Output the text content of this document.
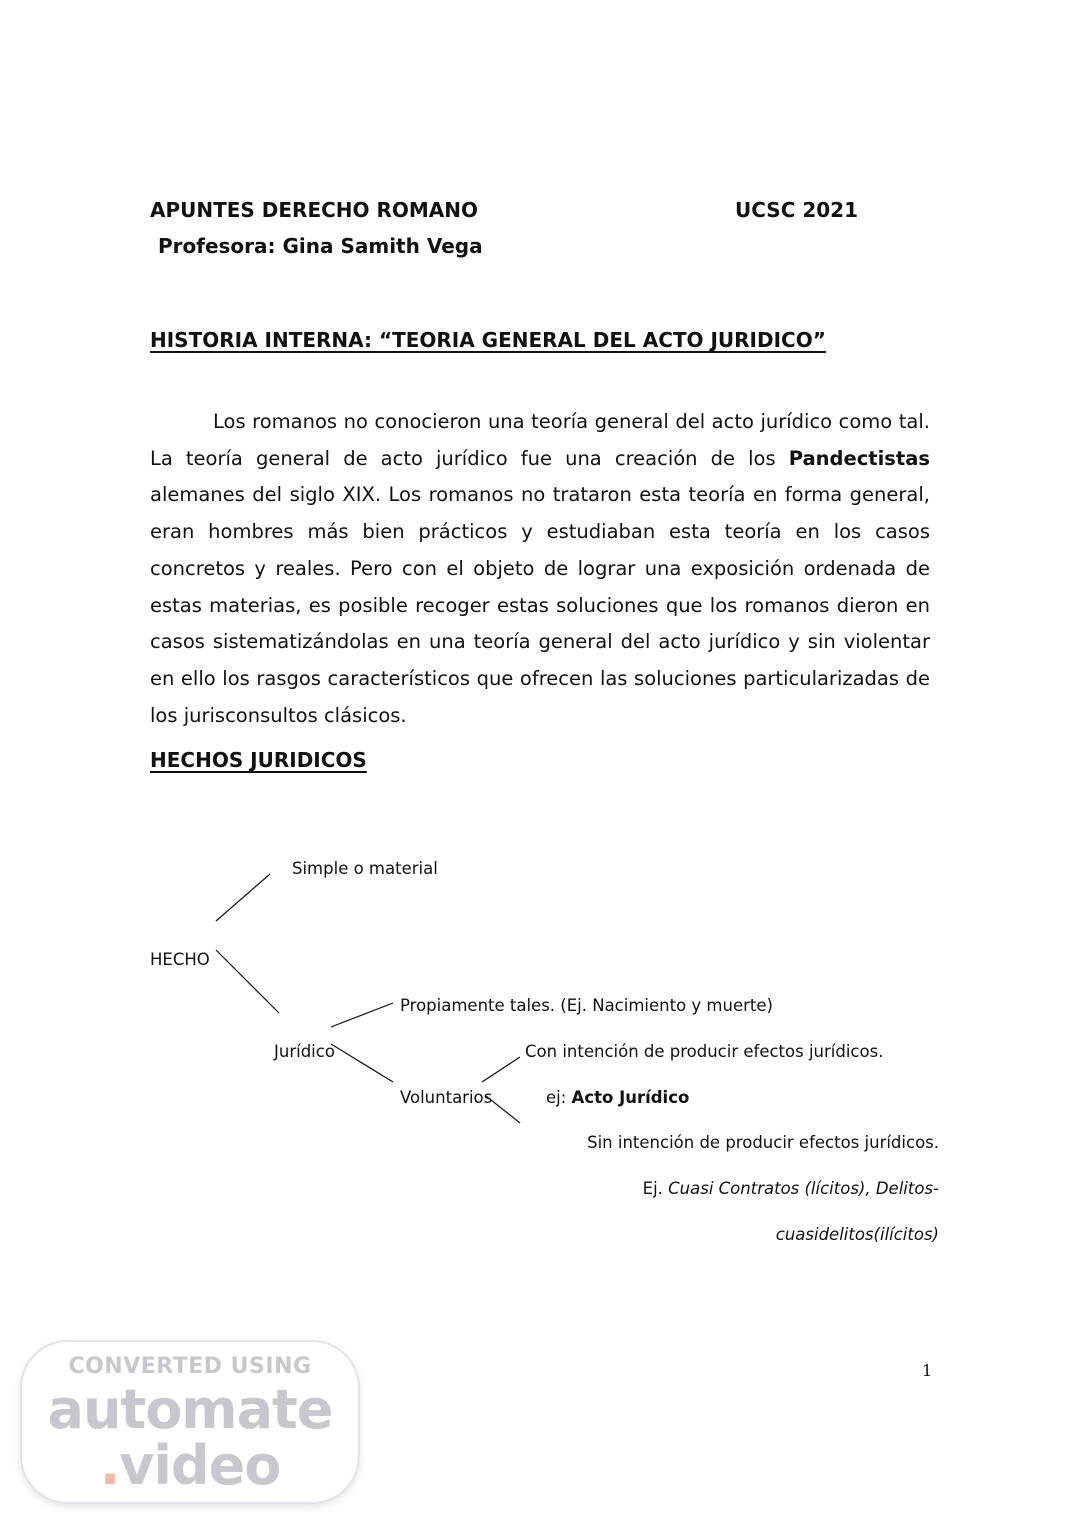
APUNTES DERECHO ROMANO	UCSC 2021
Profesora: Gina Samith Vega
HISTORIA INTERNA: “TEORIA GENERAL DEL ACTO JURIDICO”

Los romanos no conocieron una teoría general del acto jurídico como tal. La teoría general de acto jurídico fue una creación de los Pandectistas alemanes del siglo XIX. Los romanos no trataron esta teoría en forma general, eran hombres más bien prácticos y estudiaban esta teoría en los casos concretos y reales. Pero con el objeto de lograr una exposición ordenada de estas materias, es posible recoger estas soluciones que los romanos dieron en casos sistematizándolas en una teoría general del acto jurídico y sin violentar en ello los rasgos característicos que ofrecen las soluciones particularizadas de los jurisconsultos clásicos.

HECHOS JURIDICOS
Simple o material
HECHO
Propiamente tales. (Ej. Nacimiento y muerte)
Jurídico	Con intención de producir efectos jurídicos.
Voluntarios	ej: Acto Jurídico
Sin intención de producir efectos jurídicos.
Ej. Cuasi Contratos (lícitos), Delitos-
cuasidelitos(ilícitos)
1
CONVERTED USING
automate
.video
